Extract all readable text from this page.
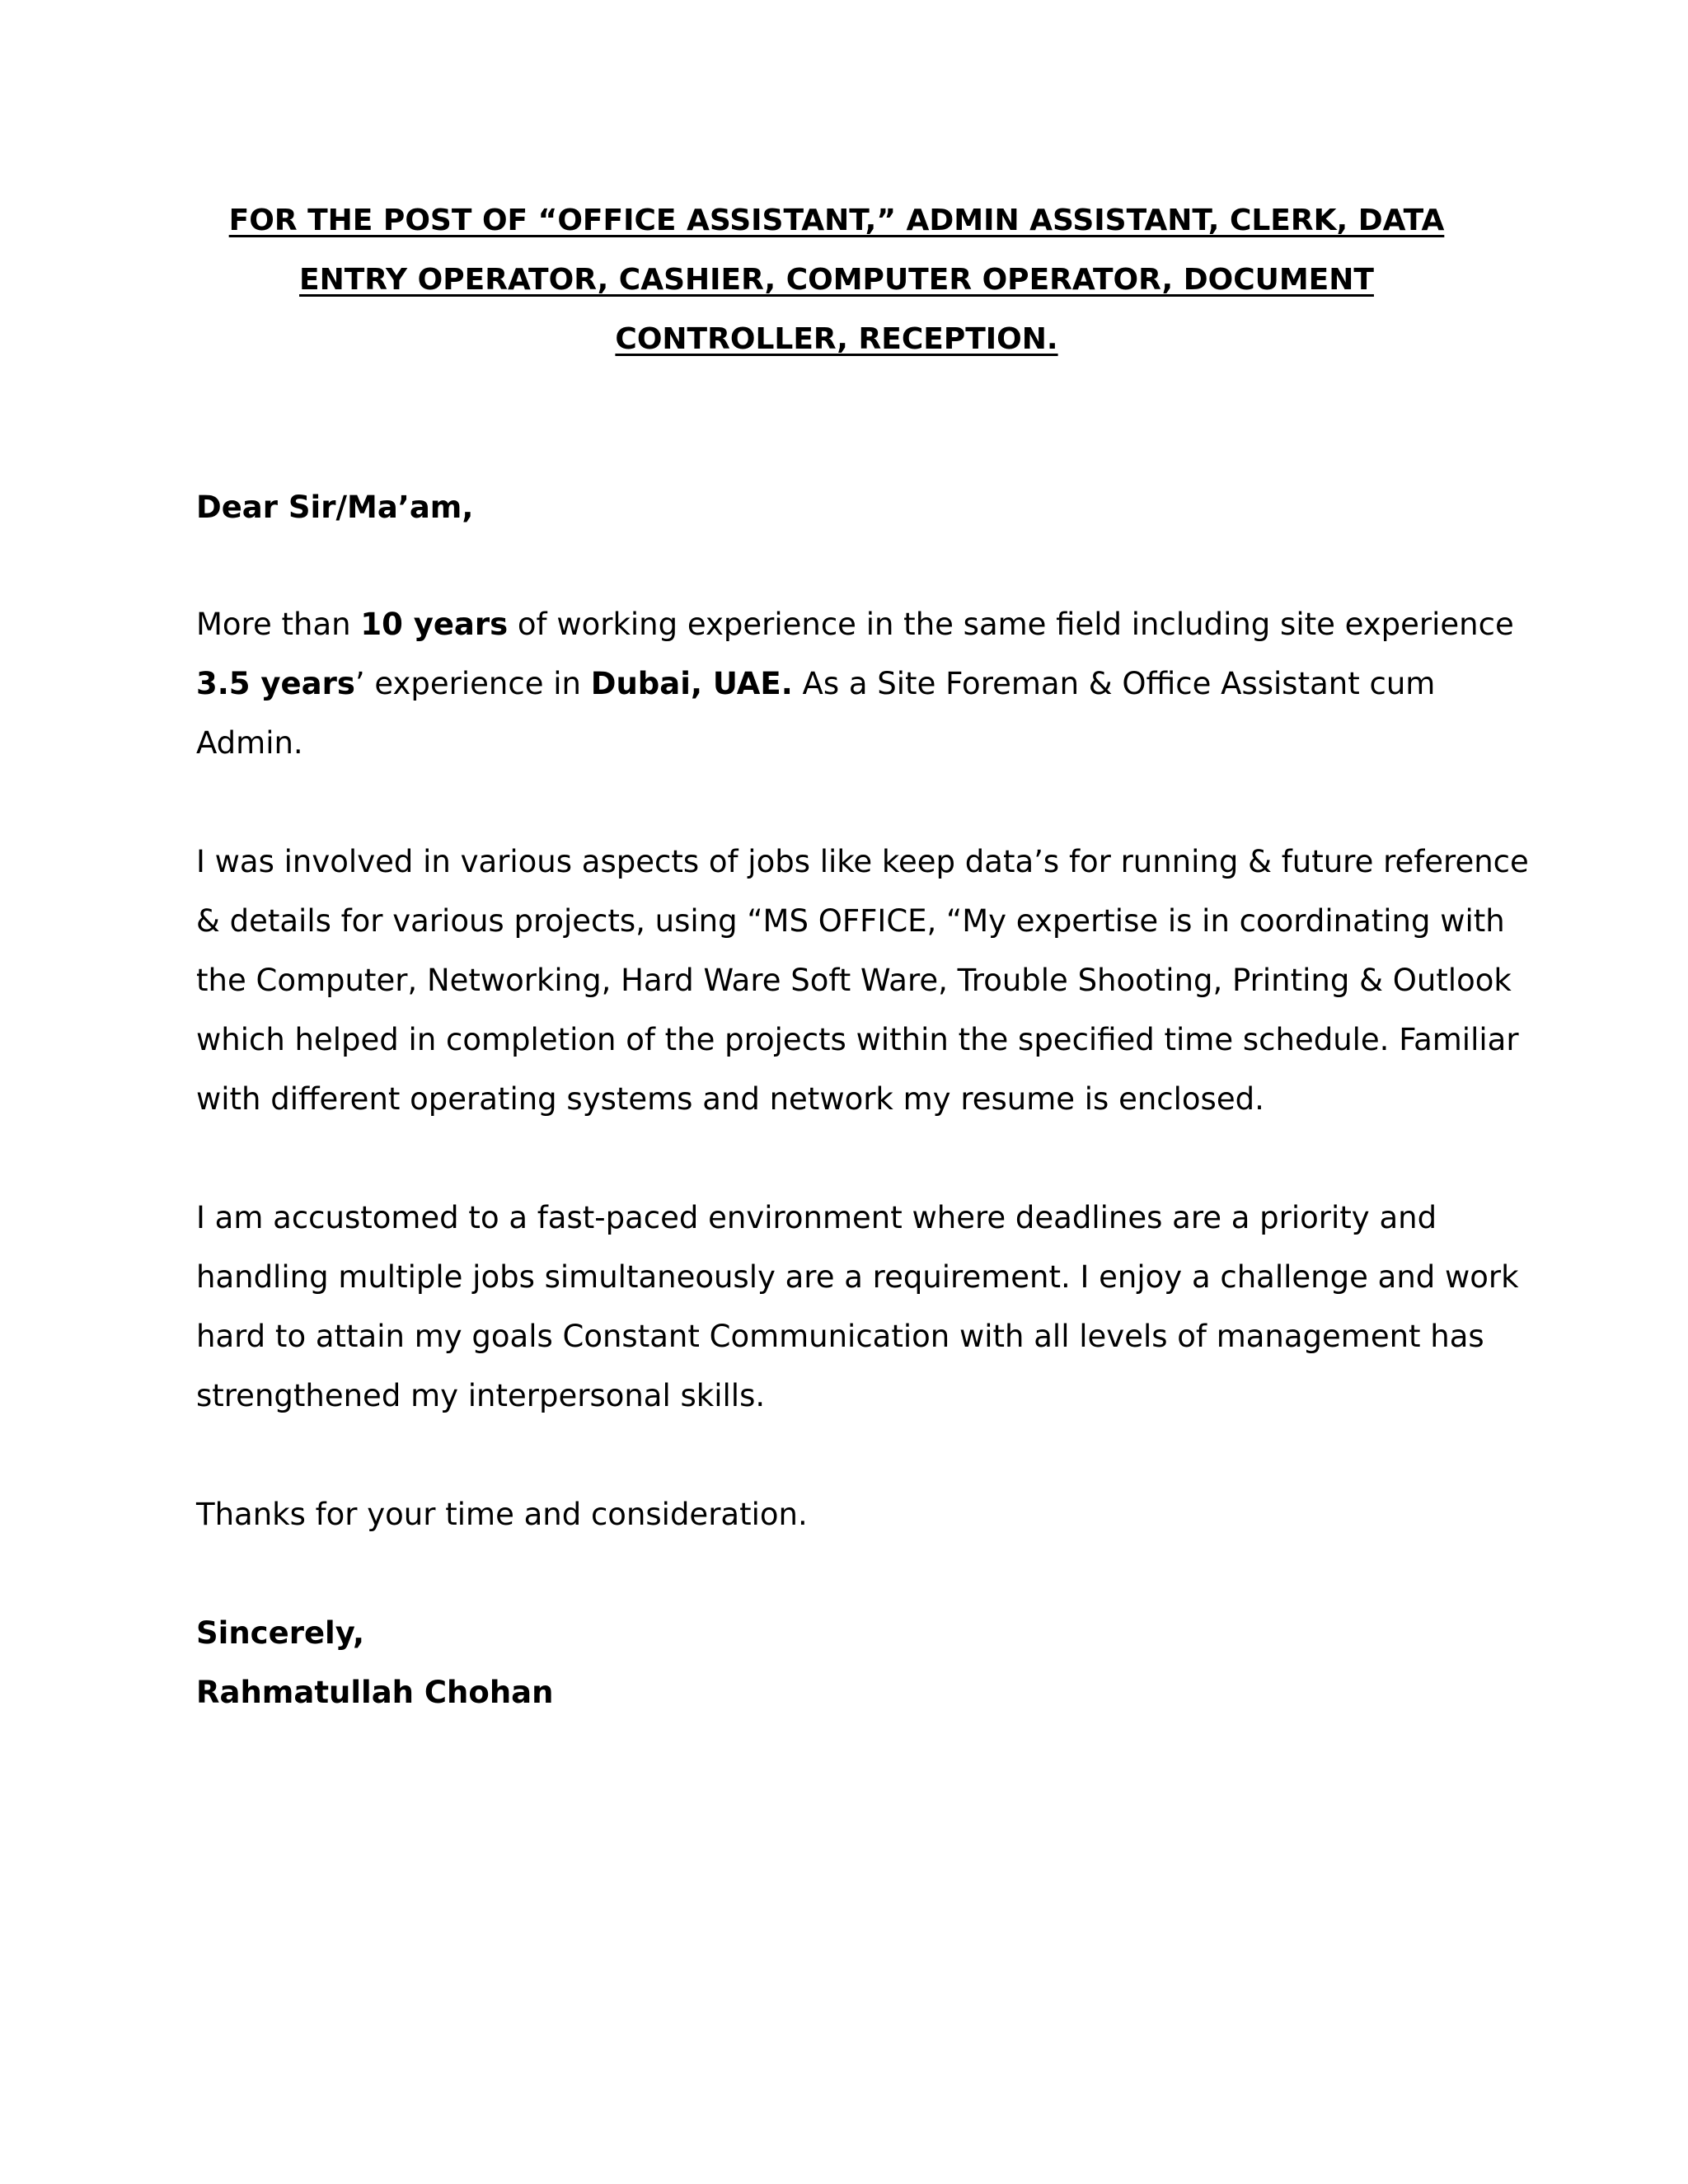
FOR THE POST OF “OFFICE ASSISTANT,” ADMIN ASSISTANT, CLERK, DATA
ENTRY OPERATOR, CASHIER, COMPUTER OPERATOR, DOCUMENT
CONTROLLER, RECEPTION.

Dear Sir/Ma’am,

More than 10 years of working experience in the same field including site experience
3.5 years’ experience in Dubai, UAE. As a Site Foreman & Office Assistant cum
Admin.

I was involved in various aspects of jobs like keep data’s for running & future reference
& details for various projects, using “MS OFFICE, “My expertise is in coordinating with
the Computer, Networking, Hard Ware Soft Ware, Trouble Shooting, Printing & Outlook
which helped in completion of the projects within the specified time schedule. Familiar
with different operating systems and network my resume is enclosed.

I am accustomed to a fast-paced environment where deadlines are a priority and
handling multiple jobs simultaneously are a requirement. I enjoy a challenge and work
hard to attain my goals Constant Communication with all levels of management has
strengthened my interpersonal skills.

Thanks for your time and consideration.

Sincerely,
Rahmatullah Chohan
